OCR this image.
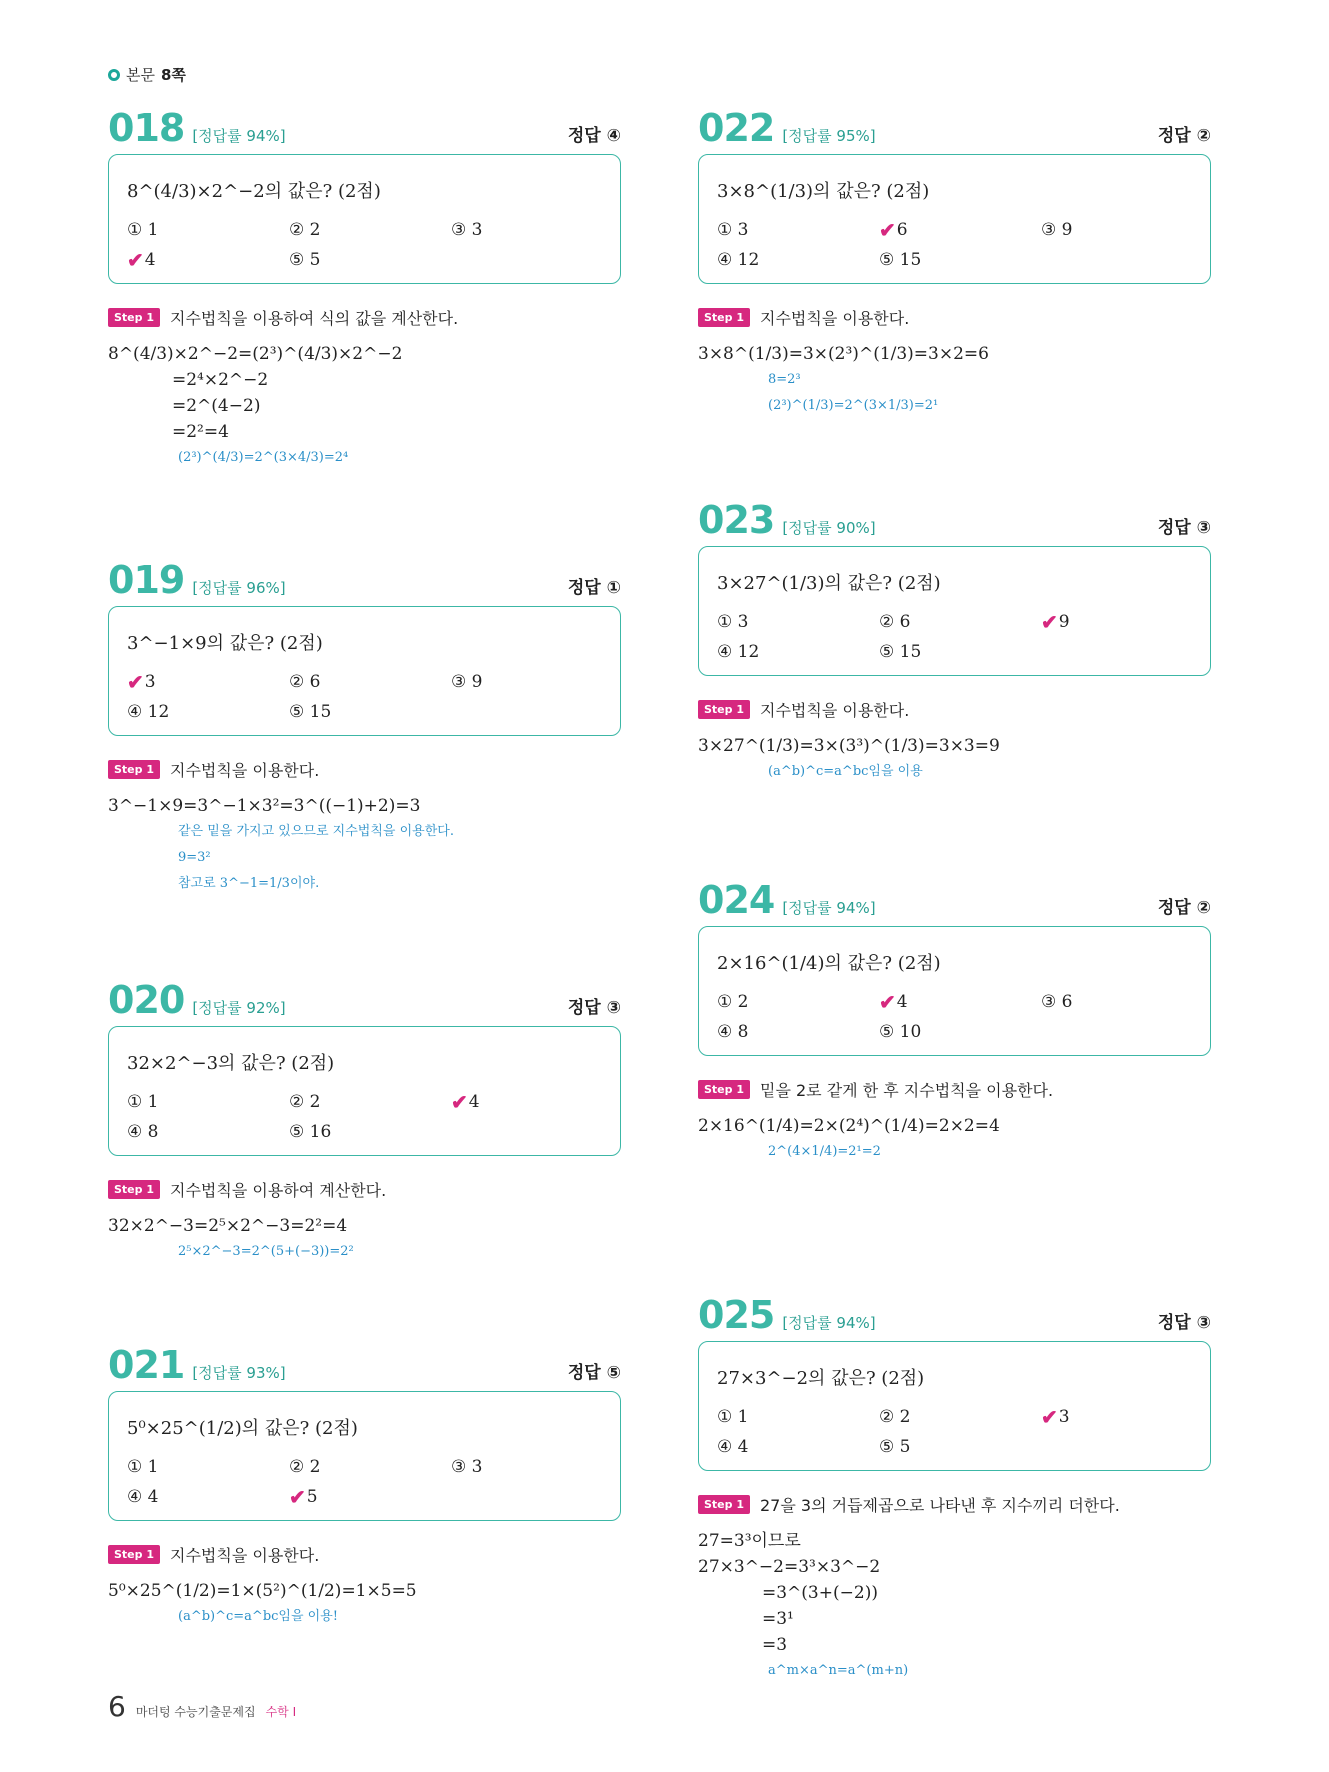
본문 8쪽
018 [정답률 94%]	정답 ④
8^(4/3)×2^−2의 값은? (2점)
① 1	② 2	③ 3
✔ 4	⑤ 5
Step 1	지수법칙을 이용하여 식의 값을 계산한다.
8^(4/3)×2^−2=(2³)^(4/3)×2^−2
=2⁴×2^−2
=2^(4−2)
=2²=4
(2³)^(4/3)=2^(3×4/3)=2⁴
019 [정답률 96%]	정답 ①
3^−1×9의 값은? (2점)
✔ 3	② 6	③ 9
④ 12	⑤ 15
Step 1	지수법칙을 이용한다.
3^−1×9=3^−1×3²=3^((−1)+2)=3
같은 밑을 가지고 있으므로 지수법칙을 이용한다.
9=3²
참고로 3^−1=1/3이야.
020 [정답률 92%]	정답 ③
32×2^−3의 값은? (2점)
① 1	② 2	✔ 4
④ 8	⑤ 16
Step 1	지수법칙을 이용하여 계산한다.
32×2^−3=2⁵×2^−3=2²=4
2⁵×2^−3=2^(5+(−3))=2²
021 [정답률 93%]	정답 ⑤
5⁰×25^(1/2)의 값은? (2점)
① 1	② 2	③ 3
④ 4	✔ 5
Step 1	지수법칙을 이용한다.
5⁰×25^(1/2)=1×(5²)^(1/2)=1×5=5
(a^b)^c=a^bc임을 이용!
022 [정답률 95%]	정답 ②
3×8^(1/3)의 값은? (2점)
① 3	✔ 6	③ 9
④ 12	⑤ 15
Step 1	지수법칙을 이용한다.
3×8^(1/3)=3×(2³)^(1/3)=3×2=6
8=2³
(2³)^(1/3)=2^(3×1/3)=2¹
023 [정답률 90%]	정답 ③
3×27^(1/3)의 값은? (2점)
① 3	② 6	✔ 9
④ 12	⑤ 15
Step 1	지수법칙을 이용한다.
3×27^(1/3)=3×(3³)^(1/3)=3×3=9
(a^b)^c=a^bc임을 이용
024 [정답률 94%]	정답 ②
2×16^(1/4)의 값은? (2점)
① 2	✔ 4	③ 6
④ 8	⑤ 10
Step 1	밑을 2로 같게 한 후 지수법칙을 이용한다.
2×16^(1/4)=2×(2⁴)^(1/4)=2×2=4
2^(4×1/4)=2¹=2
025 [정답률 94%]	정답 ③
27×3^−2의 값은? (2점)
① 1	② 2	✔ 3
④ 4	⑤ 5
Step 1	27을 3의 거듭제곱으로 나타낸 후 지수끼리 더한다.
27=3³이므로
27×3^−2=3³×3^−2
=3^(3+(−2))
=3¹
=3
a^m×a^n=a^(m+n)
6 마더텅 수능기출문제집 수학 I
